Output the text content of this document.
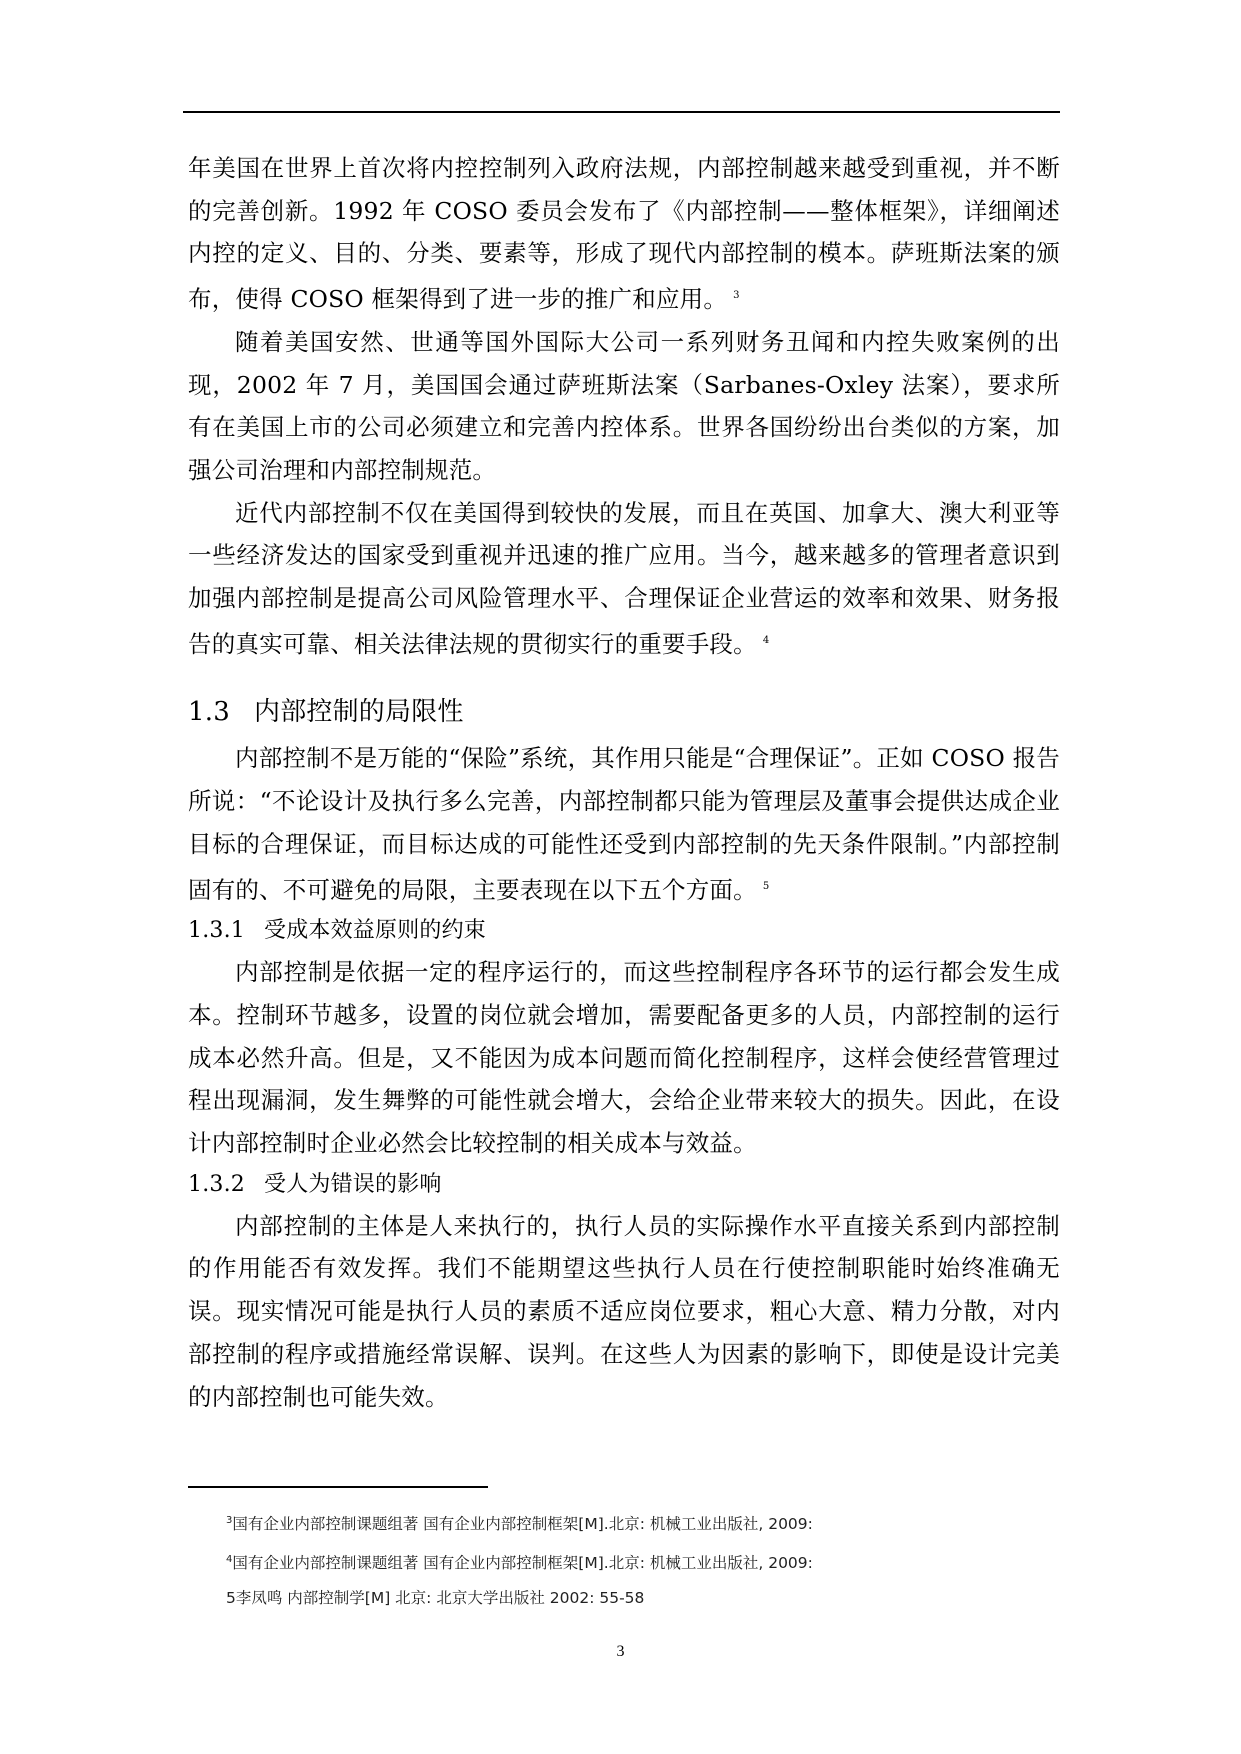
年美国在世界上首次将内控控制列入政府法规，内部控制越来越受到重视，并不断的完善创新。1992 年 COSO 委员会发布了《内部控制——整体框架》，详细阐述内控的定义、目的、分类、要素等，形成了现代内部控制的模本。萨班斯法案的颁布，使得 COSO 框架得到了进一步的推广和应用。 $^3$

随着美国安然、世通等国外国际大公司一系列财务丑闻和内控失败案例的出现，2002 年 7 月，美国国会通过萨班斯法案（Sarbanes-Oxley 法案），要求所有在美国上市的公司必须建立和完善内控体系。世界各国纷纷出台类似的方案，加强公司治理和内部控制规范。

近代内部控制不仅在美国得到较快的发展，而且在英国、加拿大、澳大利亚等一些经济发达的国家受到重视并迅速的推广应用。当今，越来越多的管理者意识到加强内部控制是提高公司风险管理水平、合理保证企业营运的效率和效果、财务报告的真实可靠、相关法律法规的贯彻实行的重要手段。 $^4$

1.3 内部控制的局限性

内部控制不是万能的“保险”系统，其作用只能是“合理保证”。正如 COSO 报告所说：“不论设计及执行多么完善，内部控制都只能为管理层及董事会提供达成企业目标的合理保证，而目标达成的可能性还受到内部控制的先天条件限制。”内部控制固有的、不可避免的局限，主要表现在以下五个方面。 $^5$

1.3.1 受成本效益原则的约束

内部控制是依据一定的程序运行的，而这些控制程序各环节的运行都会发生成本。控制环节越多，设置的岗位就会增加，需要配备更多的人员，内部控制的运行成本必然升高。但是，又不能因为成本问题而简化控制程序，这样会使经营管理过程出现漏洞，发生舞弊的可能性就会增大，会给企业带来较大的损失。因此，在设计内部控制时企业必然会比较控制的相关成本与效益。

1.3.2 受人为错误的影响

内部控制的主体是人来执行的，执行人员的实际操作水平直接关系到内部控制的作用能否有效发挥。我们不能期望这些执行人员在行使控制职能时始终准确无误。现实情况可能是执行人员的素质不适应岗位要求，粗心大意、精力分散，对内部控制的程序或措施经常误解、误判。在这些人为因素的影响下，即使是设计完美的内部控制也可能失效。

$^3$国有企业内部控制课题组著 国有企业内部控制框架[M].北京: 机械工业出版社, 2009:

$^4$国有企业内部控制课题组著 国有企业内部控制框架[M].北京: 机械工业出版社, 2009:

5李凤鸣 内部控制学[M] 北京: 北京大学出版社 2002: 55-58

3
